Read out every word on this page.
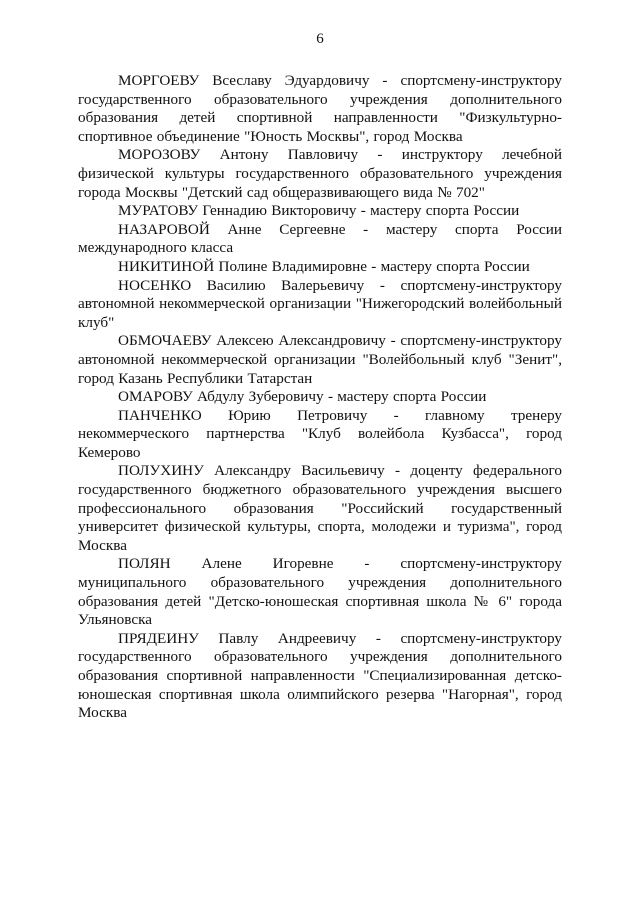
6

МОРГОЕВУ Всеславу Эдуардовичу - спортсмену-инструктору государственного образовательного учреждения дополнительного образования детей спортивной направленности "Физкультурно-спортивное объединение "Юность Москвы", город Москва

МОРОЗОВУ Антону Павловичу - инструктору лечебной физической культуры государственного образовательного учреждения города Москвы "Детский сад общеразвивающего вида № 702"

МУРАТОВУ Геннадию Викторовичу - мастеру спорта России

НАЗАРОВОЙ Анне Сергеевне - мастеру спорта России международного класса

НИКИТИНОЙ Полине Владимировне - мастеру спорта России

НОСЕНКО Василию Валерьевичу - спортсмену-инструктору автономной некоммерческой организации "Нижегородский волейбольный клуб"

ОБМОЧАЕВУ Алексею Александровичу - спортсмену-инструктору автономной некоммерческой организации "Волейбольный клуб "Зенит", город Казань Республики Татарстан

ОМАРОВУ Абдулу Зуберовичу - мастеру спорта России

ПАНЧЕНКО Юрию Петровичу - главному тренеру некоммерческого партнерства "Клуб волейбола Кузбасса", город Кемерово

ПОЛУХИНУ Александру Васильевичу - доценту федерального государственного бюджетного образовательного учреждения высшего профессионального образования "Российский государственный университет физической культуры, спорта, молодежи и туризма", город Москва

ПОЛЯН Алене Игоревне - спортсмену-инструктору муниципального образовательного учреждения дополнительного образования детей "Детско-юношеская спортивная школа № 6" города Ульяновска

ПРЯДЕИНУ Павлу Андреевичу - спортсмену-инструктору государственного образовательного учреждения дополнительного образования спортивной направленности "Специализированная детско-юношеская спортивная школа олимпийского резерва "Нагорная", город Москва
